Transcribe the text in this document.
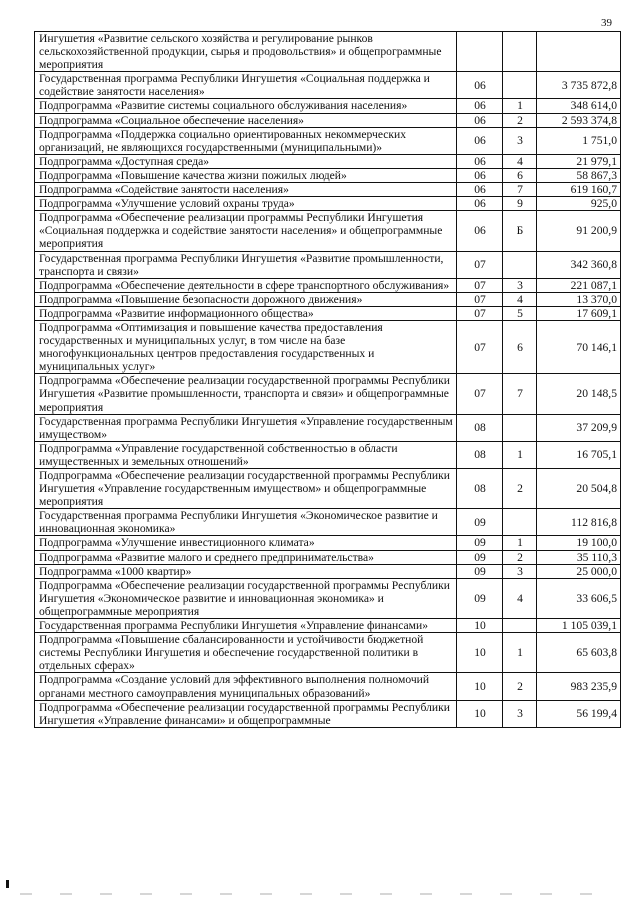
39
Ингушетия «Развитие сельского хозяйства и регулирование рынков сельскохозяйственной продукции, сырья и продовольствия» и общепрограммные мероприятия			
Государственная программа Республики Ингушетия «Социальная поддержка и содействие занятости населения»	06		3 735 872,8
Подпрограмма «Развитие системы социального обслуживания населения»	06	1	348 614,0
Подпрограмма «Социальное обеспечение населения»	06	2	2 593 374,8
Подпрограмма «Поддержка социально ориентированных некоммерческих организаций, не являющихся государственными (муниципальными)»	06	3	1 751,0
Подпрограмма «Доступная среда»	06	4	21 979,1
Подпрограмма «Повышение качества жизни пожилых людей»	06	6	58 867,3
Подпрограмма «Содействие занятости населения»	06	7	619 160,7
Подпрограмма «Улучшение условий охраны труда»	06	9	925,0
Подпрограмма «Обеспечение реализации программы Республики Ингушетия «Социальная поддержка и содействие занятости населения» и общепрограммные мероприятия	06	Б	91 200,9
Государственная программа Республики Ингушетия «Развитие промышленности, транспорта и связи»	07		342 360,8
Подпрограмма «Обеспечение деятельности в сфере транспортного обслуживания»	07	3	221 087,1
Подпрограмма «Повышение безопасности дорожного движения»	07	4	13 370,0
Подпрограмма «Развитие информационного общества»	07	5	17 609,1
Подпрограмма «Оптимизация и повышение качества предоставления государственных и муниципальных услуг, в том числе на базе многофункциональных центров предоставления государственных и муниципальных услуг»	07	6	70 146,1
Подпрограмма «Обеспечение реализации государственной программы Республики Ингушетия «Развитие промышленности, транспорта и связи» и общепрограммные мероприятия	07	7	20 148,5
Государственная программа Республики Ингушетия «Управление государственным имуществом»	08		37 209,9
Подпрограмма «Управление государственной собственностью в области имущественных и земельных отношений»	08	1	16 705,1
Подпрограмма «Обеспечение реализации государственной программы Республики Ингушетия «Управление государственным имуществом» и общепрограммные мероприятия	08	2	20 504,8
Государственная программа Республики Ингушетия «Экономическое развитие и инновационная экономика»	09		112 816,8
Подпрограмма «Улучшение инвестиционного климата»	09	1	19 100,0
Подпрограмма «Развитие малого и среднего предпринимательства»	09	2	35 110,3
Подпрограмма «1000 квартир»	09	3	25 000,0
Подпрограмма «Обеспечение реализации государственной программы Республики Ингушетия «Экономическое развитие и инновационная экономика» и общепрограммные мероприятия	09	4	33 606,5
Государственная программа Республики Ингушетия «Управление финансами»	10		1 105 039,1
Подпрограмма «Повышение сбалансированности и устойчивости бюджетной системы Республики Ингушетия и обеспечение государственной политики в отдельных сферах»	10	1	65 603,8
Подпрограмма «Создание условий для эффективного выполнения полномочий органами местного самоуправления муниципальных образований»	10	2	983 235,9
Подпрограмма «Обеспечение реализации государственной программы Республики Ингушетия «Управление финансами» и общепрограммные	10	3	56 199,4
